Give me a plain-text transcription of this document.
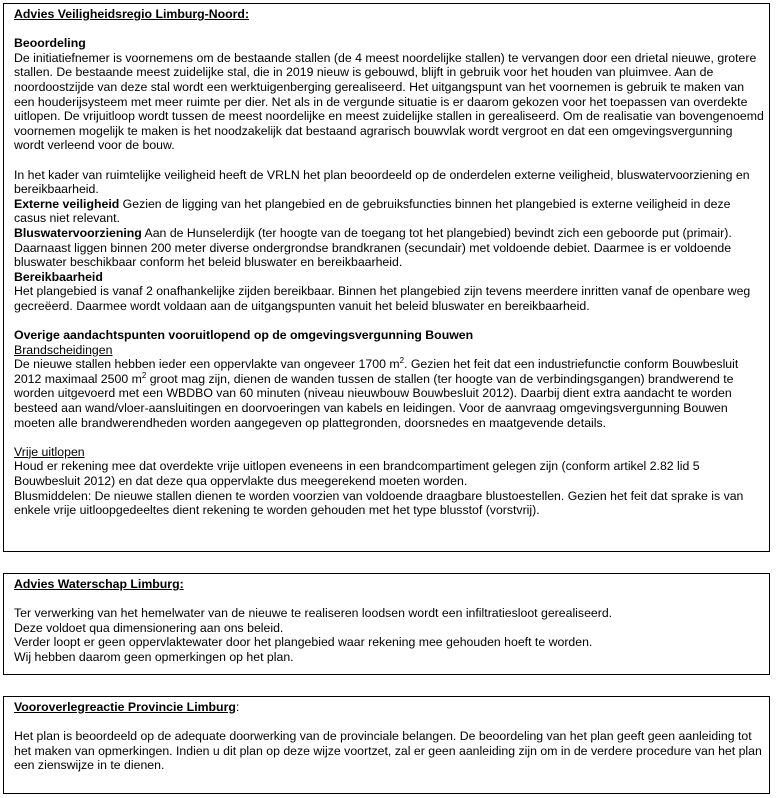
Advies Veiligheidsregio Limburg-Noord:

Beoordeling

De initiatiefnemer is voornemens om de bestaande stallen (de 4 meest noordelijke stallen) te vervangen door een drietal nieuwe, grotere stallen. De bestaande meest zuidelijke stal, die in 2019 nieuw is gebouwd, blijft in gebruik voor het houden van pluimvee. Aan de noordoostzijde van deze stal wordt een werktuigenberging gerealiseerd. Het uitgangspunt van het voornemen is gebruik te maken van een houderijsysteem met meer ruimte per dier. Net als in de vergunde situatie is er daarom gekozen voor het toepassen van overdekte uitlopen. De vrijuitloop wordt tussen de meest noordelijke en meest zuidelijke stallen in gerealiseerd. Om de realisatie van bovengenoemd voornemen mogelijk te maken is het noodzakelijk dat bestaand agrarisch bouwvlak wordt vergroot en dat een omgevingsvergunning wordt verleend voor de bouw.

In het kader van ruimtelijke veiligheid heeft de VRLN het plan beoordeeld op de onderdelen externe veiligheid, bluswatervoorziening en bereikbaarheid.

Externe veiligheid Gezien de ligging van het plangebied en de gebruiksfuncties binnen het plangebied is externe veiligheid in deze casus niet relevant.

Bluswatervoorziening Aan de Hunselerdijk (ter hoogte van de toegang tot het plangebied) bevindt zich een geboorde put (primair). Daarnaast liggen binnen 200 meter diverse ondergrondse brandkranen (secundair) met voldoende debiet. Daarmee is er voldoende bluswater beschikbaar conform het beleid bluswater en bereikbaarheid.

Bereikbaarheid

Het plangebied is vanaf 2 onafhankelijke zijden bereikbaar. Binnen het plangebied zijn tevens meerdere inritten vanaf de openbare weg gecreëerd. Daarmee wordt voldaan aan de uitgangspunten vanuit het beleid bluswater en bereikbaarheid.

Overige aandachtspunten vooruitlopend op de omgevingsvergunning Bouwen

Brandscheidingen

De nieuwe stallen hebben ieder een oppervlakte van ongeveer 1700 $m^2$. Gezien het feit dat een industriefunctie conform Bouwbesluit 2012 maximaal 2500 $m^2$ groot mag zijn, dienen de wanden tussen de stallen (ter hoogte van de verbindingsgangen) brandwerend te worden uitgevoerd met een WBDBO van 60 minuten (niveau nieuwbouw Bouwbesluit 2012). Daarbij dient extra aandacht te worden besteed aan wand/vloer-aansluitingen en doorvoeringen van kabels en leidingen. Voor de aanvraag omgevingsvergunning Bouwen moeten alle brandwerendheden worden aangegeven op plattegronden, doorsnedes en maatgevende details.

Vrije uitlopen

Houd er rekening mee dat overdekte vrije uitlopen eveneens in een brandcompartiment gelegen zijn (conform artikel 2.82 lid 5 Bouwbesluit 2012) en dat deze qua oppervlakte dus meegerekend moeten worden.

Blusmiddelen: De nieuwe stallen dienen te worden voorzien van voldoende draagbare blustoestellen. Gezien het feit dat sprake is van enkele vrije uitloopgedeeltes dient rekening te worden gehouden met het type blusstof (vorstvrij).

Advies Waterschap Limburg:

Ter verwerking van het hemelwater van de nieuwe te realiseren loodsen wordt een infiltratiesloot gerealiseerd.

Deze voldoet qua dimensionering aan ons beleid.

Verder loopt er geen oppervlaktewater door het plangebied waar rekening mee gehouden hoeft te worden.

Wij hebben daarom geen opmerkingen op het plan.

Vooroverlegreactie Provincie Limburg:

Het plan is beoordeeld op de adequate doorwerking van de provinciale belangen. De beoordeling van het plan geeft geen aanleiding tot het maken van opmerkingen. Indien u dit plan op deze wijze voortzet, zal er geen aanleiding zijn om in de verdere procedure van het plan een zienswijze in te dienen.
